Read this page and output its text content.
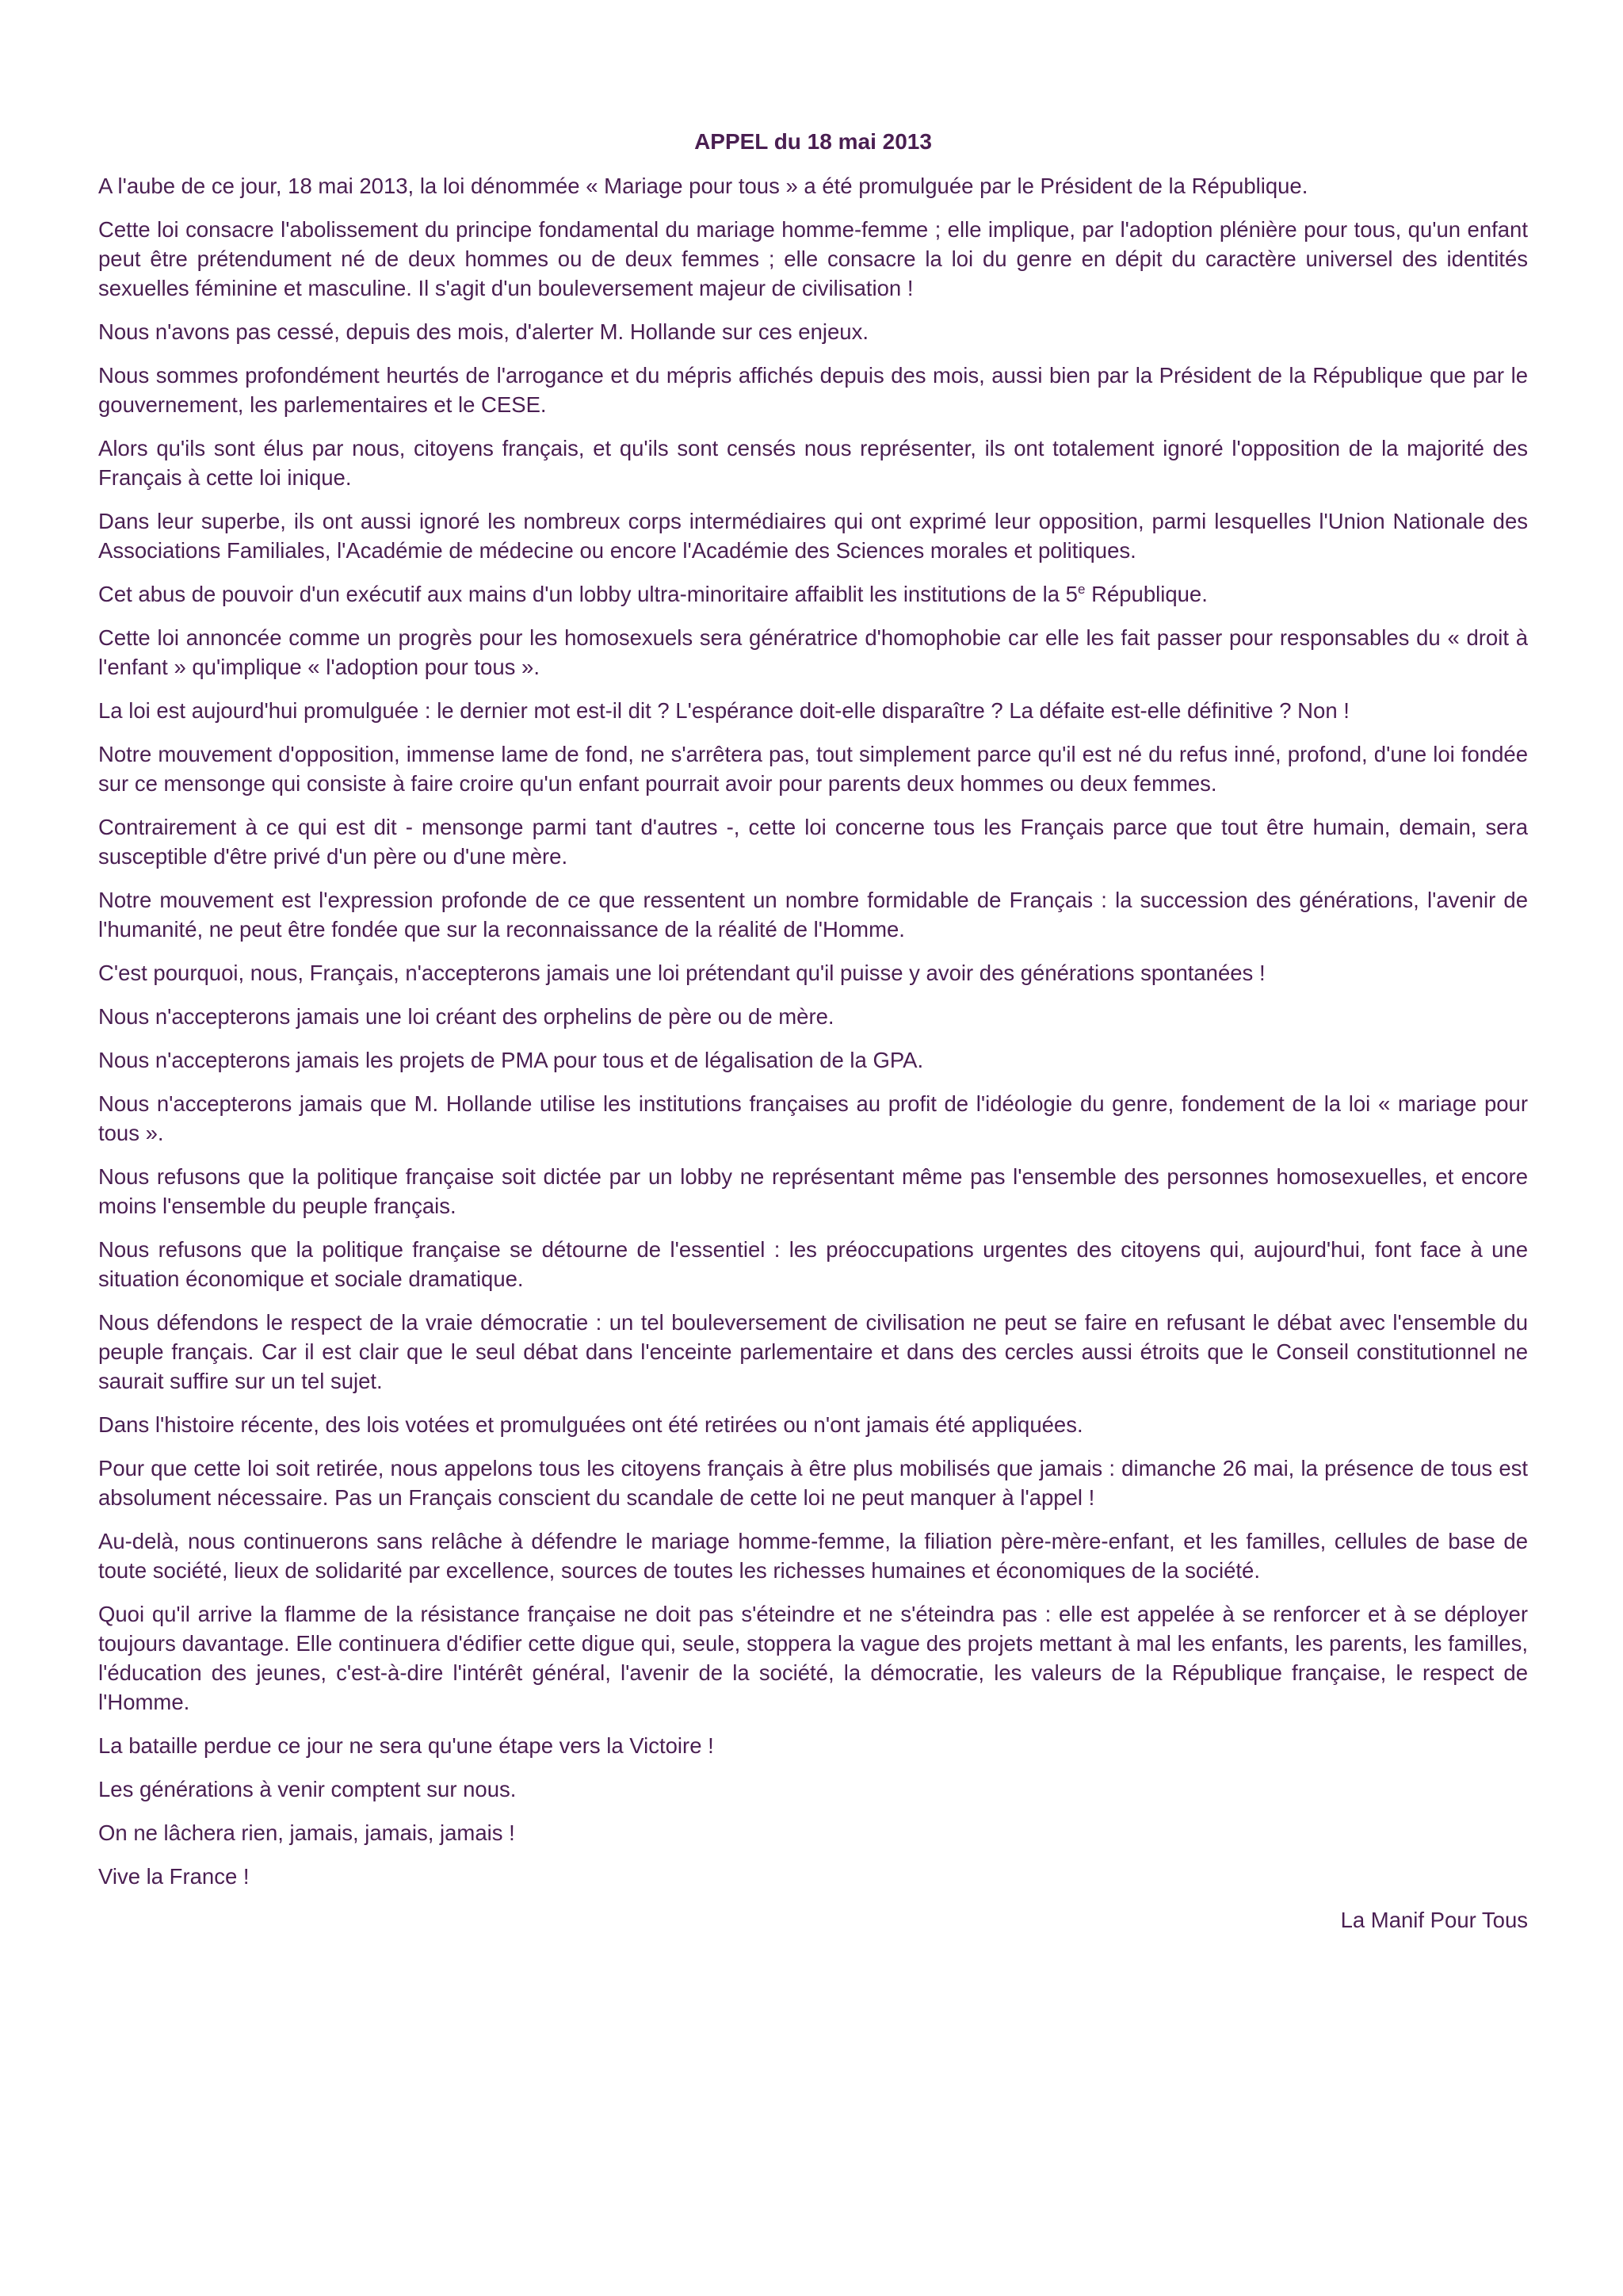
APPEL du 18 mai 2013

A l'aube de ce jour, 18 mai 2013, la loi dénommée « Mariage pour tous » a été promulguée par le Président de la République.

Cette loi consacre l'abolissement du principe fondamental du mariage homme-femme ; elle implique, par l'adoption plénière pour tous, qu'un enfant peut être prétendument né de deux hommes ou de deux femmes ; elle consacre la loi du genre en dépit du caractère universel des identités sexuelles féminine et masculine. Il s'agit d'un bouleversement majeur de civilisation !

Nous n'avons pas cessé, depuis des mois, d'alerter M. Hollande sur ces enjeux.

Nous sommes profondément heurtés de l'arrogance et du mépris affichés depuis des mois, aussi bien par la Président de la République que par le gouvernement, les parlementaires et le CESE.

Alors qu'ils sont élus par nous, citoyens français, et qu'ils sont censés nous représenter, ils ont totalement ignoré l'opposition de la majorité des Français à cette loi inique.

Dans leur superbe, ils ont aussi ignoré les nombreux corps intermédiaires qui ont exprimé leur opposition, parmi lesquelles l'Union Nationale des Associations Familiales, l'Académie de médecine ou encore l'Académie des Sciences morales et politiques.

Cet abus de pouvoir d'un exécutif aux mains d'un lobby ultra-minoritaire affaiblit les institutions de la 5e République.

Cette loi annoncée comme un progrès pour les homosexuels sera génératrice d'homophobie car elle les fait passer pour responsables du « droit à l'enfant » qu'implique « l'adoption pour tous ».

La loi est aujourd'hui promulguée : le dernier mot est-il dit ? L'espérance doit-elle disparaître ? La défaite est-elle définitive ? Non !

Notre mouvement d'opposition, immense lame de fond, ne s'arrêtera pas, tout simplement parce qu'il est né du refus inné, profond, d'une loi fondée sur ce mensonge qui consiste à faire croire qu'un enfant pourrait avoir pour parents deux hommes ou deux femmes.

Contrairement à ce qui est dit - mensonge parmi tant d'autres -, cette loi concerne tous les Français parce que tout être humain, demain, sera susceptible d'être privé d'un père ou d'une mère.

Notre mouvement est l'expression profonde de ce que ressentent un nombre formidable de Français : la succession des générations, l'avenir de l'humanité, ne peut être fondée que sur la reconnaissance de la réalité de l'Homme.

C'est pourquoi, nous, Français, n'accepterons jamais une loi prétendant qu'il puisse y avoir des générations spontanées !

Nous n'accepterons jamais une loi créant des orphelins de père ou de mère.

Nous n'accepterons jamais les projets de PMA pour tous et de légalisation de la GPA.

Nous n'accepterons jamais que M. Hollande utilise les institutions françaises au profit de l'idéologie du genre, fondement de la loi « mariage pour tous ».

Nous refusons que la politique française soit dictée par un lobby ne représentant même pas l'ensemble des personnes homosexuelles, et encore moins l'ensemble du peuple français.

Nous refusons que la politique française se détourne de l'essentiel : les préoccupations urgentes des citoyens qui, aujourd'hui, font face à une situation économique et sociale dramatique.

Nous défendons le respect de la vraie démocratie : un tel bouleversement de civilisation ne peut se faire en refusant le débat avec l'ensemble du peuple français. Car il est clair que le seul débat dans l'enceinte parlementaire et dans des cercles aussi étroits que le Conseil constitutionnel ne saurait suffire sur un tel sujet.

Dans l'histoire récente, des lois votées et promulguées ont été retirées ou n'ont jamais été appliquées.

Pour que cette loi soit retirée, nous appelons tous les citoyens français à être plus mobilisés que jamais : dimanche 26 mai, la présence de tous est absolument nécessaire. Pas un Français conscient du scandale de cette loi ne peut manquer à l'appel !

Au-delà, nous continuerons sans relâche à défendre le mariage homme-femme, la filiation père-mère-enfant, et les familles, cellules de base de toute société, lieux de solidarité par excellence, sources de toutes les richesses humaines et économiques de la société.

Quoi qu'il arrive la flamme de la résistance française ne doit pas s'éteindre et ne s'éteindra pas : elle est appelée à se renforcer et à se déployer toujours davantage. Elle continuera d'édifier cette digue qui, seule, stoppera la vague des projets mettant à mal les enfants, les parents, les familles, l'éducation des jeunes, c'est-à-dire l'intérêt général, l'avenir de la société, la démocratie, les valeurs de la République française, le respect de l'Homme.

La bataille perdue ce jour ne sera qu'une étape vers la Victoire !

Les générations à venir comptent sur nous.

On ne lâchera rien, jamais, jamais, jamais !

Vive la France !

La Manif Pour Tous
